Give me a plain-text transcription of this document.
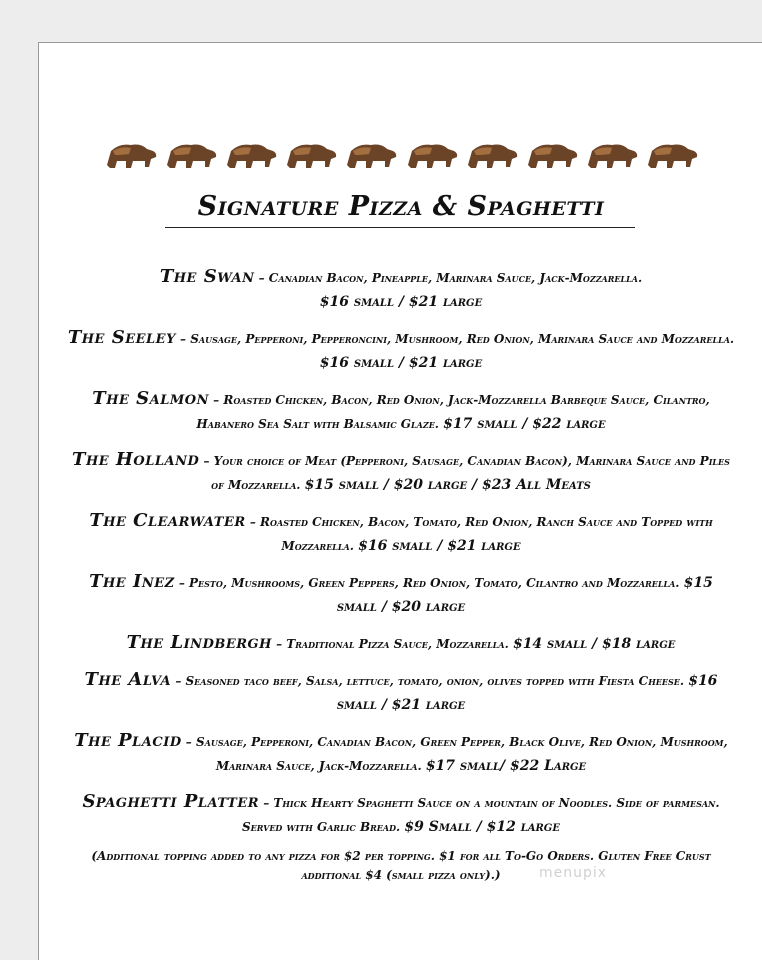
Signature Pizza & Spaghetti
The Swan – Canadian Bacon, Pineapple, Marinara Sauce, Jack-Mozzarella.
$16 small / $21 large
The Seeley – Sausage, Pepperoni, Pepperoncini, Mushroom, Red Onion, Marinara Sauce and Mozzarella. $16 small / $21 large
The Salmon – Roasted Chicken, Bacon, Red Onion, Jack-Mozzarella Barbeque Sauce, Cilantro, Habanero Sea Salt with Balsamic Glaze. $17 small / $22 large
The Holland – Your choice of Meat (Pepperoni, Sausage, Canadian Bacon), Marinara Sauce and Piles of Mozzarella. $15 small / $20 large / $23 All Meats
The Clearwater – Roasted Chicken, Bacon, Tomato, Red Onion, Ranch Sauce and Topped with Mozzarella. $16 small / $21 large
The Inez – Pesto, Mushrooms, Green Peppers, Red Onion, Tomato, Cilantro and Mozzarella. $15 small / $20 large
The Lindbergh – Traditional Pizza Sauce, Mozzarella. $14 small / $18 large
The Alva – Seasoned taco beef, Salsa, lettuce, tomato, onion, olives topped with Fiesta Cheese. $16 small / $21 large
The Placid – Sausage, Pepperoni, Canadian Bacon, Green Pepper, Black Olive, Red Onion, Mushroom, Marinara Sauce, Jack-Mozzarella. $17 small/ $22 Large
Spaghetti Platter – Thick Hearty Spaghetti Sauce on a mountain of Noodles. Side of parmesan. Served with Garlic Bread. $9 Small / $12 large
(Additional topping added to any pizza for $2 per topping. $1 for all To-Go Orders. Gluten Free Crust additional $4 (small pizza only).)	menupix
